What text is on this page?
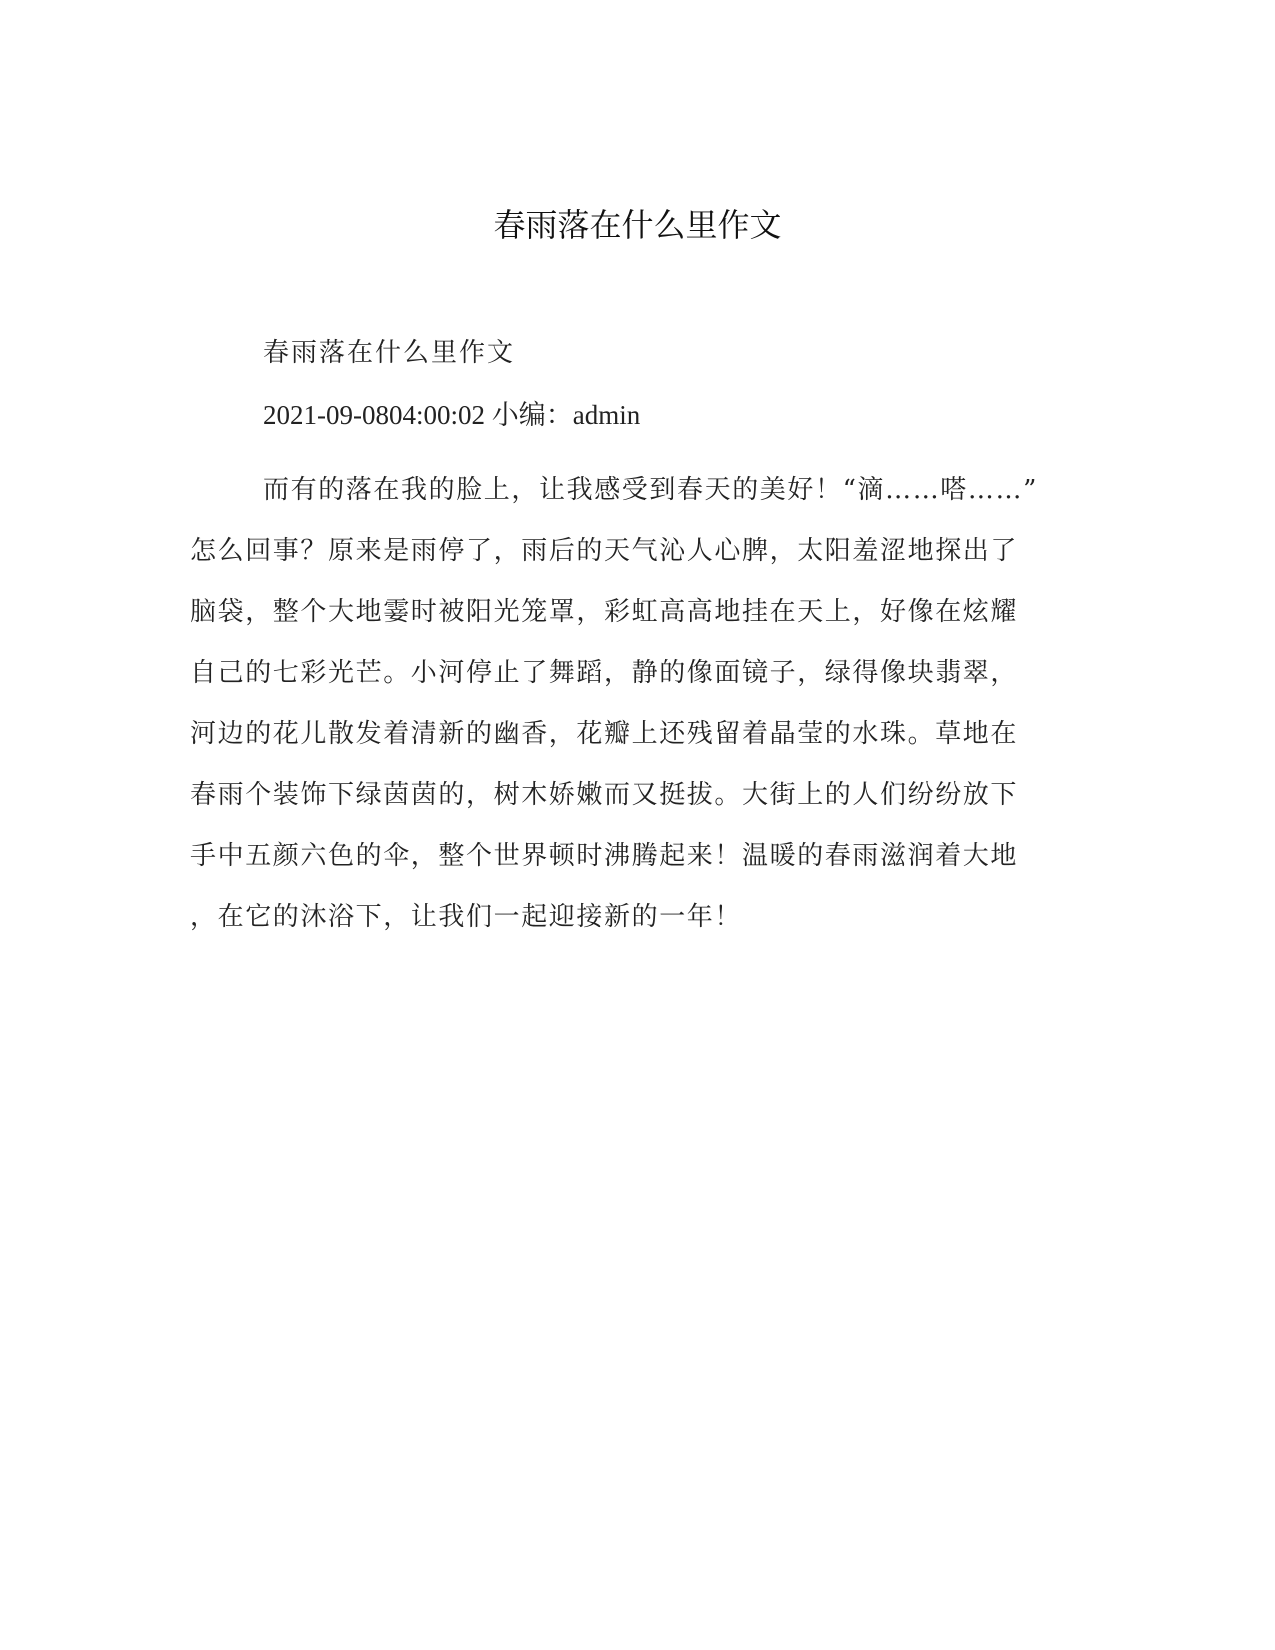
春雨落在什么里作文
春雨落在什么里作文
2021-09-0804:00:02 小编：admin
而有的落在我的脸上，让我感受到春天的美好！“滴……嗒……”
怎么回事？原来是雨停了，雨后的天气沁人心脾，太阳羞涩地探出了
脑袋，整个大地霎时被阳光笼罩，彩虹高高地挂在天上，好像在炫耀
自己的七彩光芒。小河停止了舞蹈，静的像面镜子，绿得像块翡翠，
河边的花儿散发着清新的幽香，花瓣上还残留着晶莹的水珠。草地在
春雨个装饰下绿茵茵的，树木娇嫩而又挺拔。大街上的人们纷纷放下
手中五颜六色的伞，整个世界顿时沸腾起来！温暖的春雨滋润着大地
，在它的沐浴下，让我们一起迎接新的一年！
